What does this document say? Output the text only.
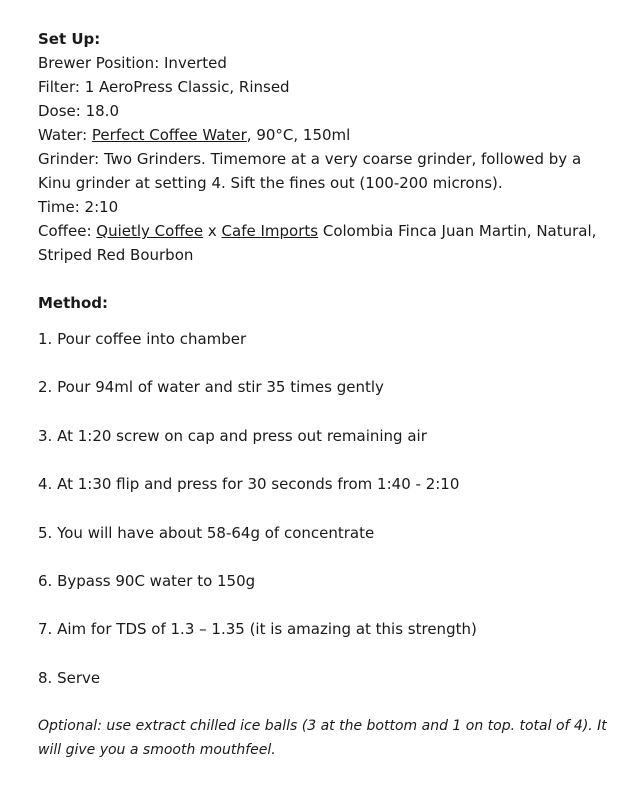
Set Up:

Brewer Position: Inverted

Filter: 1 AeroPress Classic, Rinsed

Dose: 18.0

Water: Perfect Coffee Water, 90°C, 150ml

Grinder: Two Grinders. Timemore at a very coarse grinder, followed by a Kinu grinder at setting 4. Sift the fines out (100-200 microns).

Time: 2:10

Coffee: Quietly Coffee x Cafe Imports Colombia Finca Juan Martin, Natural, Striped Red Bourbon

Method:

1. Pour coffee into chamber

2. Pour 94ml of water and stir 35 times gently

3. At 1:20 screw on cap and press out remaining air

4. At 1:30 flip and press for 30 seconds from 1:40 - 2:10

5. You will have about 58-64g of concentrate

6. Bypass 90C water to 150g

7. Aim for TDS of 1.3 – 1.35 (it is amazing at this strength)

8. Serve

Optional: use extract chilled ice balls (3 at the bottom and 1 on top. total of 4). It will give you a smooth mouthfeel.
